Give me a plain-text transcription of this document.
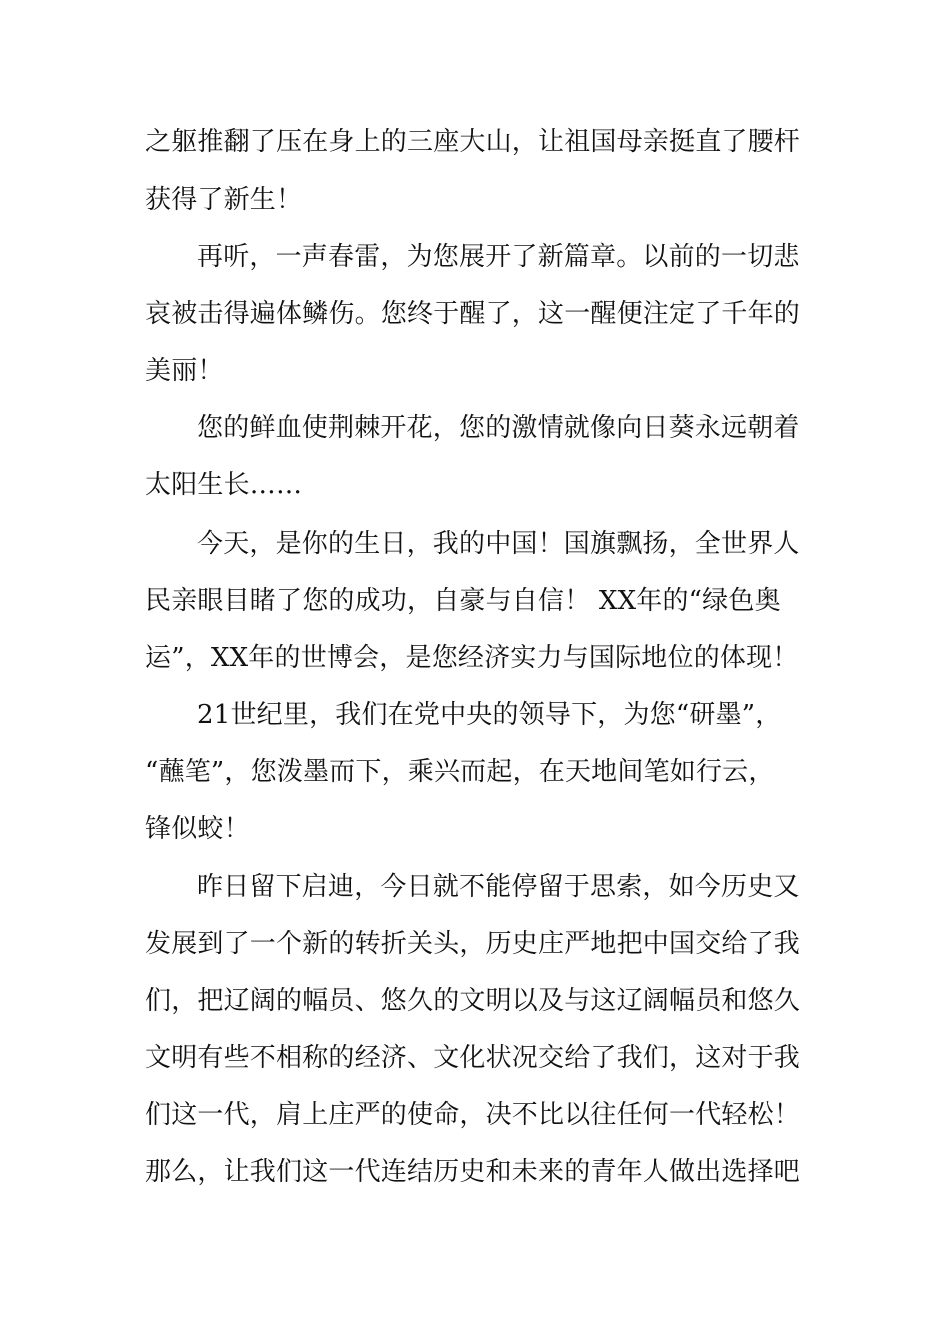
之躯推翻了压在身上的三座大山，让祖国母亲挺直了腰杆

获得了新生！

再听，一声春雷，为您展开了新篇章。以前的一切悲

哀被击得遍体鳞伤。您终于醒了，这一醒便注定了千年的

美丽！

您的鲜血使荆棘开花，您的激情就像向日葵永远朝着

太阳生长……

今天，是你的生日，我的中国！国旗飘扬，全世界人

民亲眼目睹了您的成功，自豪与自信！ XX年的“绿色奥

运”，XX年的世博会，是您经济实力与国际地位的体现！

21世纪里，我们在党中央的领导下，为您“研墨”，

“蘸笔”，您泼墨而下，乘兴而起，在天地间笔如行云，

锋似蛟！

昨日留下启迪，今日就不能停留于思索，如今历史又

发展到了一个新的转折关头，历史庄严地把中国交给了我

们，把辽阔的幅员、悠久的文明以及与这辽阔幅员和悠久

文明有些不相称的经济、文化状况交给了我们，这对于我

们这一代，肩上庄严的使命，决不比以往任何一代轻松！

那么，让我们这一代连结历史和未来的青年人做出选择吧
